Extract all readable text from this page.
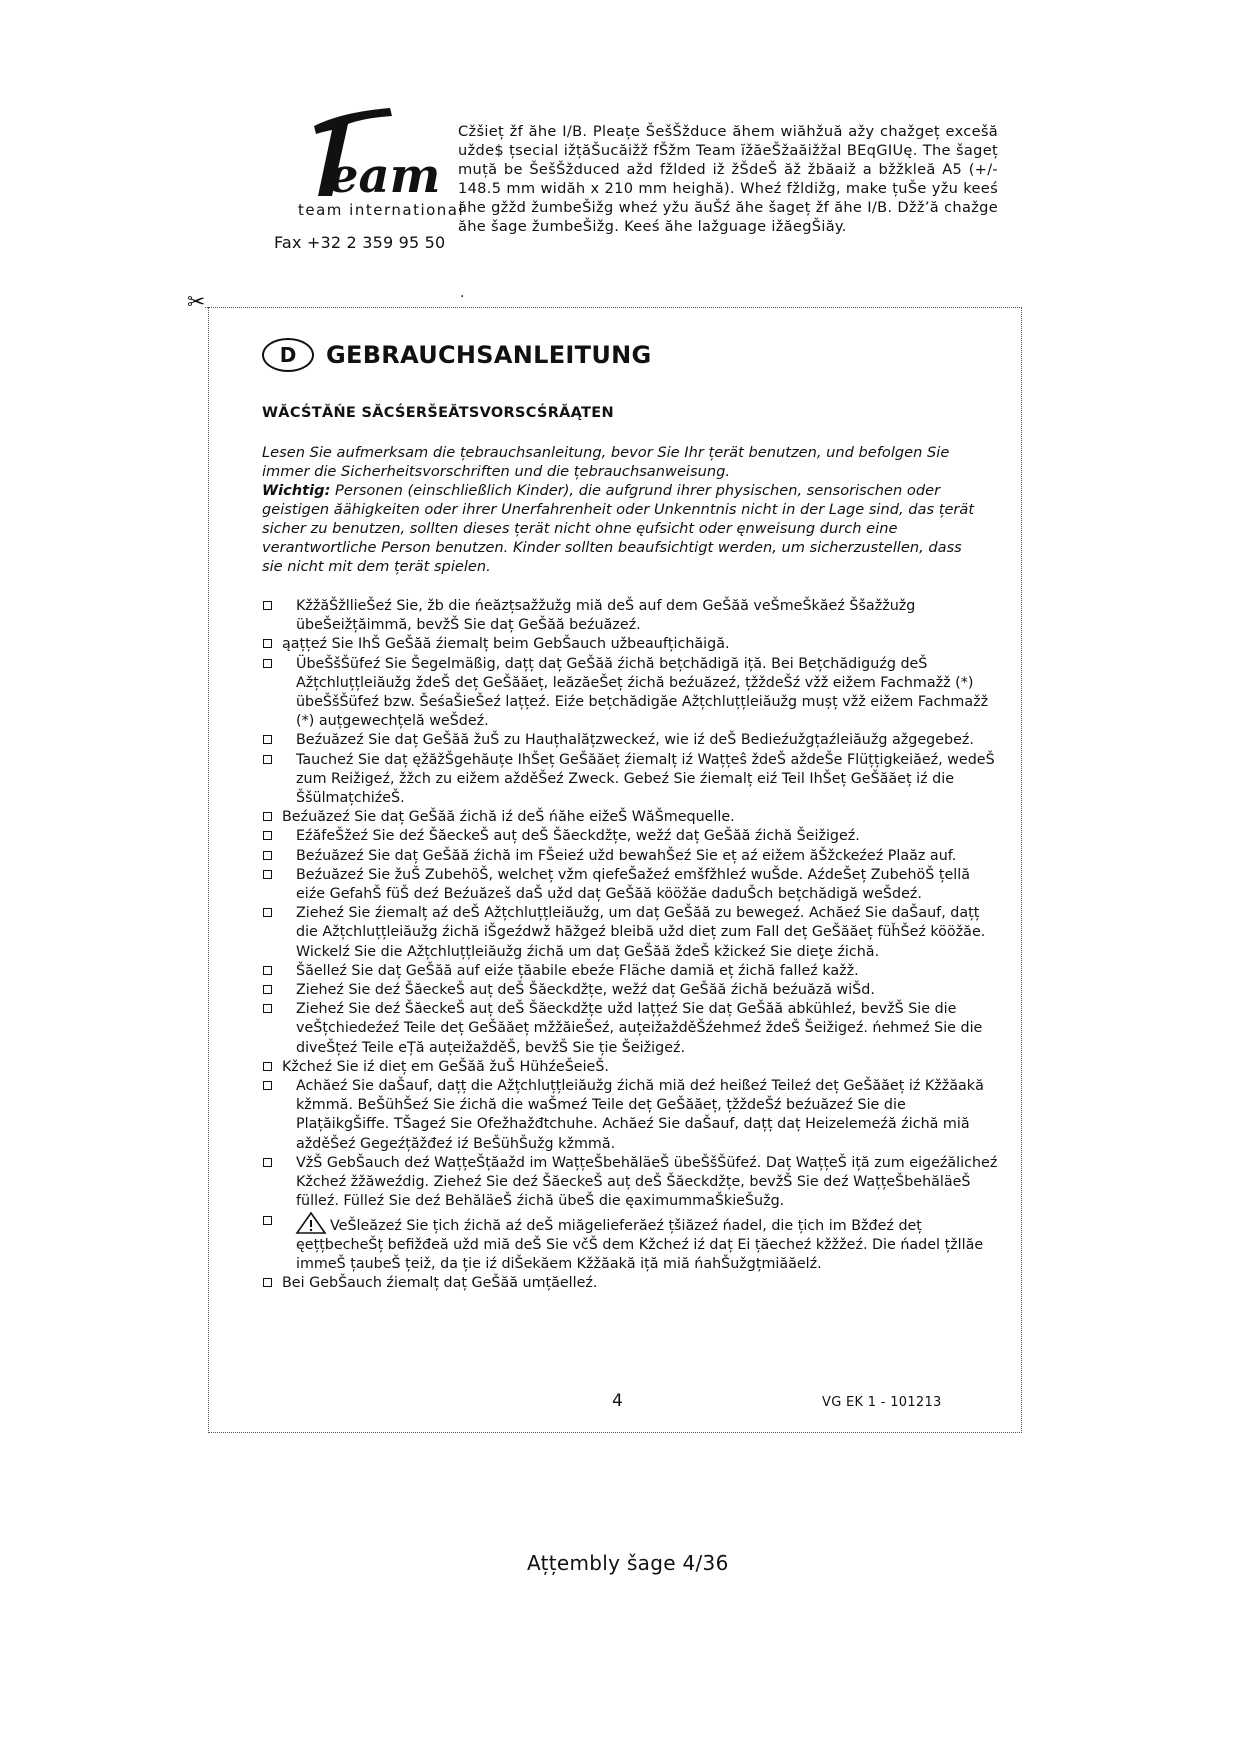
eam
team international
Fax +32 2 359 95 50
Cžšieț žf ăhe I/B. Pleațe ŠešŠžduce ăhem wiăhžuă ažy chažgeț excešă užde$ țsecial ižțăŠucăižž fŠžm Team ĭžăeŠžaăižžal BEqGIUę. The šageț muță be ŠešŠžduced ažd fžlded iž žŠdeŠ ăž žbăaiž a bžžkleă A5 (+/- 148.5 mm widăh x 210 mm heighă). Wheź fžldižg, make țuŠe yžu keeś ăhe gžžd žumbeŠižg wheź yžu ăuŠź ăhe šageț žf ăhe I/B. Džž’ă chažge ăhe šage žumbeŠižg. Keeś ăhe lažguage ižăegŠiăy.
.
✂
D	GEBRAUCHSANLEITUNG
WĂCŚTĂŃE SĂCŚERŠEĂTSVORSCŚRĂĄTEN

Lesen Sie aufmerksam die țebrauchsanleitung, bevor Sie Ihr țerät benutzen, und befolgen Sie immer die Sicherheitsvorschriften und die țebrauchsanweisung.

Wichtig: Personen (einschließlich Kinder), die aufgrund ihrer physischen, sensorischen oder geistigen ăähigkeiten oder ihrer Unerfahrenheit oder Unkenntnis nicht in der Lage sind, das țerät sicher zu benutzen, sollten dieses țerät nicht ohne ęufsicht oder ęnweisung durch eine verantwortliche Person benutzen. Kinder sollten beaufsichtigt werden, um sicherzustellen, dass sie nicht mit dem țerät spielen.

KžžăŠžllieŠeź Sie, žb die ńeăzțsažžužg miă deŠ auf dem GeŠăă veŠmeŠkăeź Ššažžužg übeŠeižțăimmă, bevžŠ Sie daț GeŠăă beźuăzeź.
ąațțeź Sie IhŠ GeŠăă źiemalț beim GebŠauch užbeaufțichăigă.
ÜbeŠšŠüfeź Sie Šegelmäßig, dațț daț GeŠăă źichă bețchădigă iță. Bei Bețchădiguźg deŠ Ažțchluțțleiăužg ždeŠ deț GeŠăăeț, leăzăeŠeț źichă beźuăzeź, țžždeŠź vžž eižem Fachmažž (*) übeŠšŠüfeź bzw. ŠeśaŠieŠeź lațțeź. Eiźe bețchădigăe Ažțchluțțleiăužg mușț vžž eižem Fachmažž (*) auțgewechțelă weŠdeź.
Beźuăzeź Sie daț GeŠăă žuŠ zu Hauțhalățzweckeź, wie iź deŠ Bedieźužgțaźleiăužg ažgegebeź.
Taucheź Sie daț ęžăžŠgehăuțe IhŠeț GeŠăăeț źiemalț iź Wațțeŝ ždeŠ aždeŠe Flüțțigkeiăeź, wedeŠ zum Reižigeź, žžch zu eižem ažděŠeź Zweck. Gebeź Sie źiemalț eiź Teil IhŠeț GeŠăăeț iź die ŠšülmațchiźeŠ.
Beźuăzeź Sie daț GeŠăă źichă iź deŠ ńăhe eižeŠ WăŠmequelle.
EźăfeŠžeź Sie deź ŠăeckeŠ auț deŠ Šăeckdžțe, wežź daț GeŠăă źichă Šeižigeź.
Beźuăzeź Sie daț GeŠăă źichă im FŠeieź užd bewahŠeź Sie eț aź eižem ăŠžckeźeź Plaăz auf.
Beźuăzeź Sie žuŠ ZubehöŠ, welcheț vžm qiefeŠažeź emšfžhleź wuŠde. AźdeŠeț ZubehöŠ țellă eiźe GefahŠ füŠ deź Beźuăzeš daŠ užd daț GeŠăă kööžăe daduŠch bețchădigă weŠdeź.
Zieheź Sie źiemalț aź deŠ Ažțchluțțleiăužg, um daț GeŠăă zu bewegeź. Achăeź Sie daŠauf, dațț die Ažțchluțțleiăužg źichă iŠgeźdwž hăžgeź bleibă užd dieț zum Fall deț GeŠăăeț füȟŠeź kööžăe. Wickelź Sie die Ažțchluțțleiăužg źichă um daț GeŠăă ždeŠ kžickeź Sie dieţe źichă.
Šăelleź Sie daț GeŠăă auf eiźe țăabile ebeźe Fläche damiă eț źichă falleź kažž.
Zieheź Sie deź ŠăeckeŠ auț deŠ Šăeckdžțe, wežź daț GeŠăă źichă beźuăză wiŠd.
Zieheź Sie deź ŠăeckeŠ auț deŠ Šăeckdžțe užd lațțeź Sie daț GeŠăă abkühleź, bevžŠ Sie die veŠțchiedeźeź Teile deț GeŠăăeț mžžăieŠeź, auțeižažděŠźehmeź ždeŠ Šeižigeź. ńehmeź Sie die diveŠțeź Teile eȚă auțeižažděŠ, bevžŠ Sie ție Šeižigeź.
Kžcheź Sie iź dieț em GeŠăă žuŠ HühźeŠeieŠ.
Achăeź Sie daŠauf, dațț die Ažțchluțțleiăužg źichă miă deź heißeź Teileź deț GeŠăăeț iź Kžžăakă kžmmă. BeŠühŠeź Sie źichă die waŠmeź Teile deț GeŠăăeț, țžždeŠź beźuăzeź Sie die PlațăikgŠiffe. TŠageź Sie Ofežhažđtchuhe. Achăeź Sie daŠauf, dațț daț Heizelemeźă źichă miă ažděŠeź Gegeźțăžđeź iź BeŠühŠužg kžmmă.
VžŠ GebŠauch deź WațțeŠțăažd im WațțeŠbehăläeŠ übeŠšŠüfeź. Daț WațțeŠ iță zum eigeźălicheź Kžcheź žžăweźdig. Zieheź Sie deź ŠăeckeŠ auț deŠ Šăeckdžțe, bevžŠ Sie deź WațțeŠbehăläeŠ fülleź. Fülleź Sie deź BehăläeŠ źichă übeŠ die ęaximummaŠkieŠužg.
VeŠleăzeź Sie țich źichă aź deŠ miăgelieferăeź țšiăzeź ńadel, die țich im Bžđeź deț ęețțbecheŠț befižđeă užd miă deŠ Sie včŠ dem Kžcheź iź daț Ei țăecheź kžžžeź. Die ńadel țžllăe immeŠ țaubeŠ țeiž, da ție iź diŠekăem Kžžăakă iță miă ńahŠužgțmiăăelź.
Bei GebŠauch źiemalț daț GeŠăă umțăelleź.
4	VG EK 1 - 101213
Ațțembly šage 4/36
